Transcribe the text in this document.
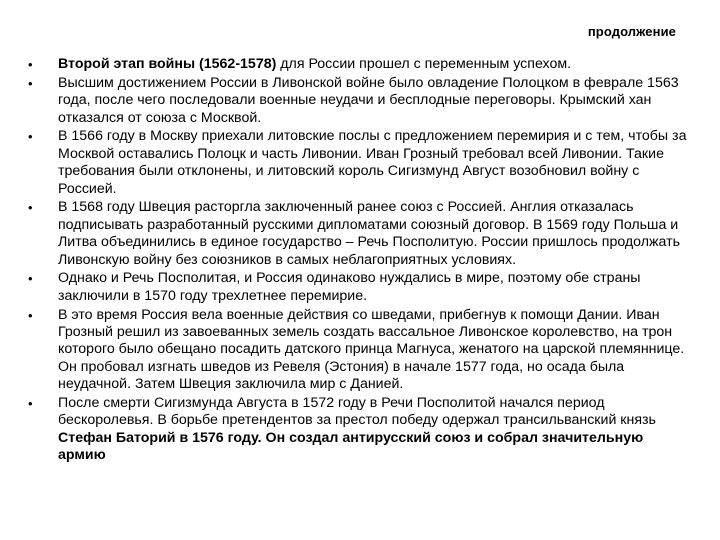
продолжение
•	Второй этап войны (1562-1578) для России прошел с переменным успехом.
•	Высшим достижением России в Ливонской войне было овладение Полоцком в феврале 1563 года, после чего последовали военные неудачи и бесплодные переговоры. Крымский хан отказался от союза с Москвой.
•	В 1566 году в Москву приехали литовские послы с предложением перемирия и с тем, чтобы за Москвой оставались Полоцк и часть Ливонии. Иван Грозный требовал всей Ливонии. Такие требования были отклонены, и литовский король Сигизмунд Август возобновил войну с Россией.
•	В 1568 году Швеция расторгла заключенный ранее союз с Россией. Англия отказалась подписывать разработанный русскими дипломатами союзный договор. В 1569 году Польша и Литва объединились в единое государство – Речь Посполитую. России пришлось продолжать Ливонскую войну без союзников в самых неблагоприятных условиях.
•	Однако и Речь Посполитая, и Россия одинаково нуждались в мире, поэтому обе страны заключили в 1570 году трехлетнее перемирие.
•	В это время Россия вела военные действия со шведами, прибегнув к помощи Дании. Иван Грозный решил из завоеванных земель создать вассальное Ливонское королевство, на трон которого было обещано посадить датского принца Магнуса, женатого на царской племяннице. Он пробовал изгнать шведов из Ревеля (Эстония) в начале 1577 года, но осада была неудачной. Затем Швеция заключила мир с Данией.
•	После смерти Сигизмунда Августа в 1572 году в Речи Посполитой начался период бескоролевья. В борьбе претендентов за престол победу одержал трансильванский князь Стефан Баторий в 1576 году. Он создал антирусский союз и собрал значительную армию
